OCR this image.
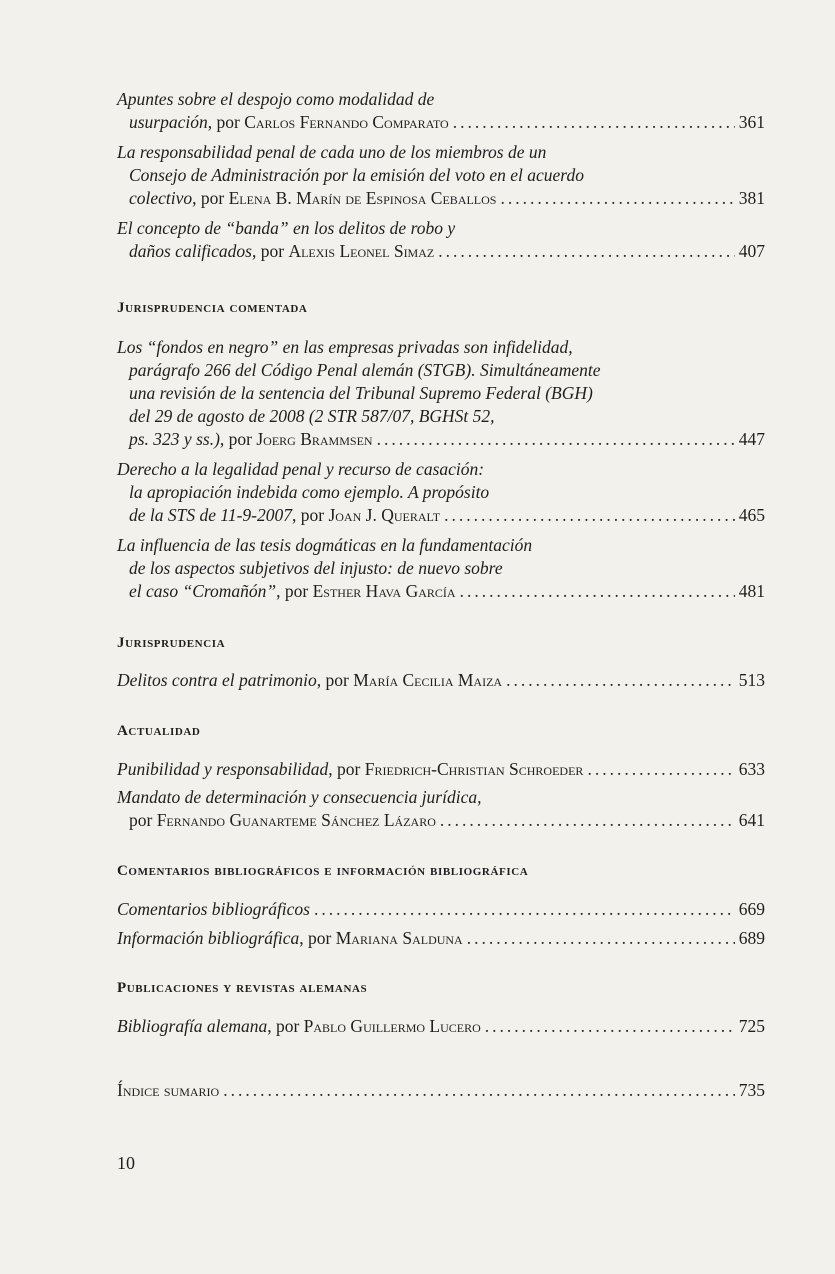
Apuntes sobre el despojo como modalidad de
usurpación, por Carlos Fernando Comparato .....	361
La responsabilidad penal de cada uno de los miembros de un
Consejo de Administración por la emisión del voto en el acuerdo
colectivo, por Elena B. Marín de Espinosa Ceballos .....	381
El concepto de “banda” en los delitos de robo y
daños calificados, por Alexis Leonel Simaz .....	407
Jurisprudencia comentada
Los “fondos en negro” en las empresas privadas son infidelidad,
parágrafo 266 del Código Penal alemán (STGB). Simultáneamente
una revisión de la sentencia del Tribunal Supremo Federal (BGH)
del 29 de agosto de 2008 (2 STR 587/07, BGHSt 52,
ps. 323 y ss.), por Joerg Brammsen .....	447
Derecho a la legalidad penal y recurso de casación:
la apropiación indebida como ejemplo. A propósito
de la STS de 11-9-2007, por Joan J. Queralt .....	465
La influencia de las tesis dogmáticas en la fundamentación
de los aspectos subjetivos del injusto: de nuevo sobre
el caso “Cromañón”, por Esther Hava García .....	481
Jurisprudencia
Delitos contra el patrimonio, por María Cecilia Maiza .....	513
Actualidad
Punibilidad y responsabilidad, por Friedrich-Christian Schroeder .....	633
Mandato de determinación y consecuencia jurídica,
por Fernando Guanarteme Sánchez Lázaro .....	641
Comentarios bibliográficos e información bibliográfica
Comentarios bibliográficos .....	669
Información bibliográfica, por Mariana Salduna .....	689
Publicaciones y revistas alemanas
Bibliografía alemana, por Pablo Guillermo Lucero .....	725
Índice sumario .....	735
10
